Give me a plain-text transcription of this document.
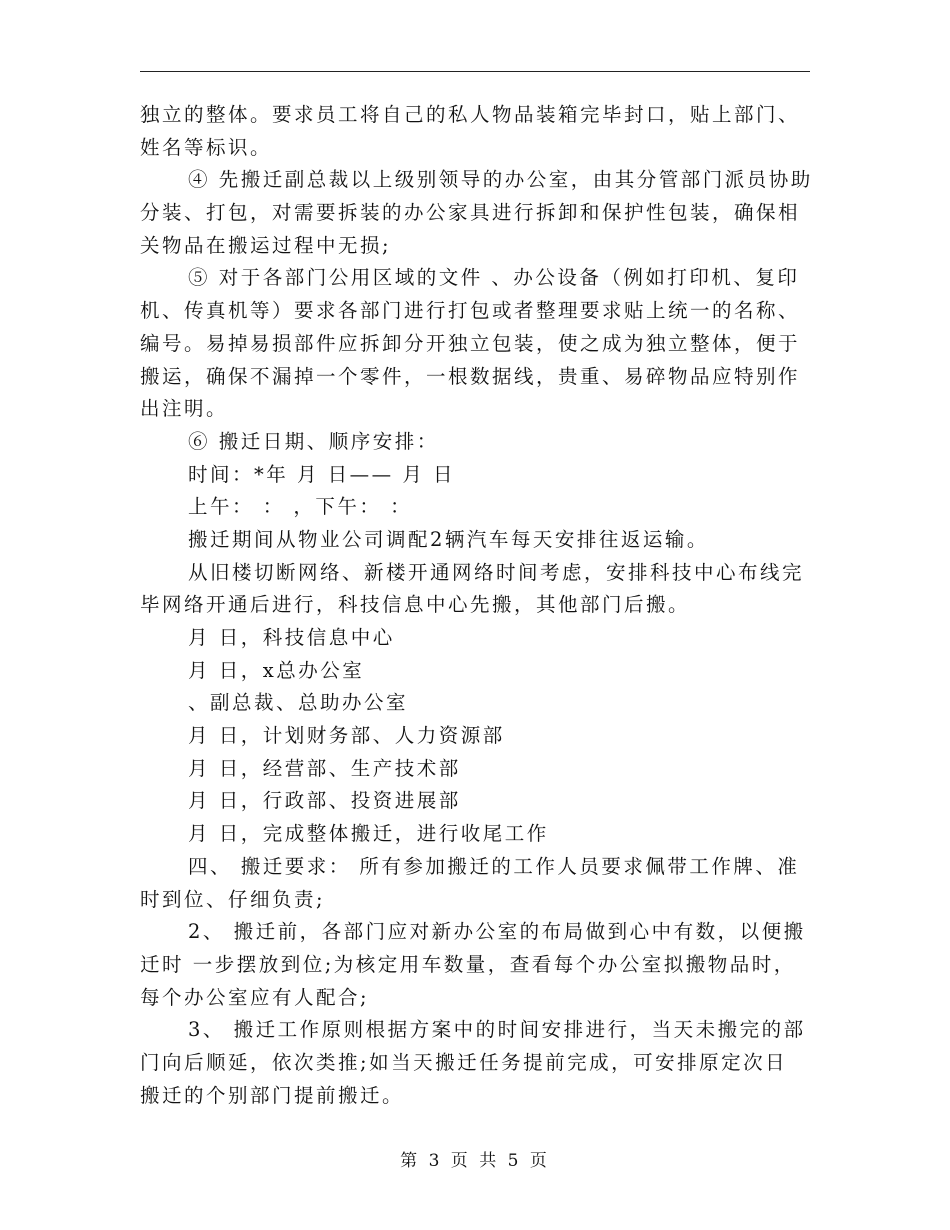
独立的整体。要求员工将自己的私人物品装箱完毕封口，贴上部门、
姓名等标识。
④ 先搬迁副总裁以上级别领导的办公室，由其分管部门派员协助
分装、打包，对需要拆装的办公家具进行拆卸和保护性包装，确保相
关物品在搬运过程中无损;
⑤ 对于各部门公用区域的文件 、办公设备（例如打印机、复印
机、传真机等）要求各部门进行打包或者整理要求贴上统一的名称、
编号。易掉易损部件应拆卸分开独立包装，使之成为独立整体，便于
搬运，确保不漏掉一个零件，一根数据线，贵重、易碎物品应特别作
出注明。
⑥ 搬迁日期、顺序安排：
时间：*年 月 日—— 月 日
上午： ： ，下午： ：
搬迁期间从物业公司调配2辆汽车每天安排往返运输。
从旧楼切断网络、新楼开通网络时间考虑，安排科技中心布线完
毕网络开通后进行，科技信息中心先搬，其他部门后搬。
月 日，科技信息中心
月 日，x总办公室
、副总裁、总助办公室
月 日，计划财务部、人力资源部
月 日，经营部、生产技术部
月 日，行政部、投资进展部
月 日，完成整体搬迁，进行收尾工作
四、 搬迁要求： 所有参加搬迁的工作人员要求佩带工作牌、准
时到位、仔细负责;
2、 搬迁前，各部门应对新办公室的布局做到心中有数，以便搬
迁时 一步摆放到位;为核定用车数量，查看每个办公室拟搬物品时，
每个办公室应有人配合;
3、 搬迁工作原则根据方案中的时间安排进行，当天未搬完的部
门向后顺延，依次类推;如当天搬迁任务提前完成，可安排原定次日
搬迁的个别部门提前搬迁。
第 3 页 共 5 页
